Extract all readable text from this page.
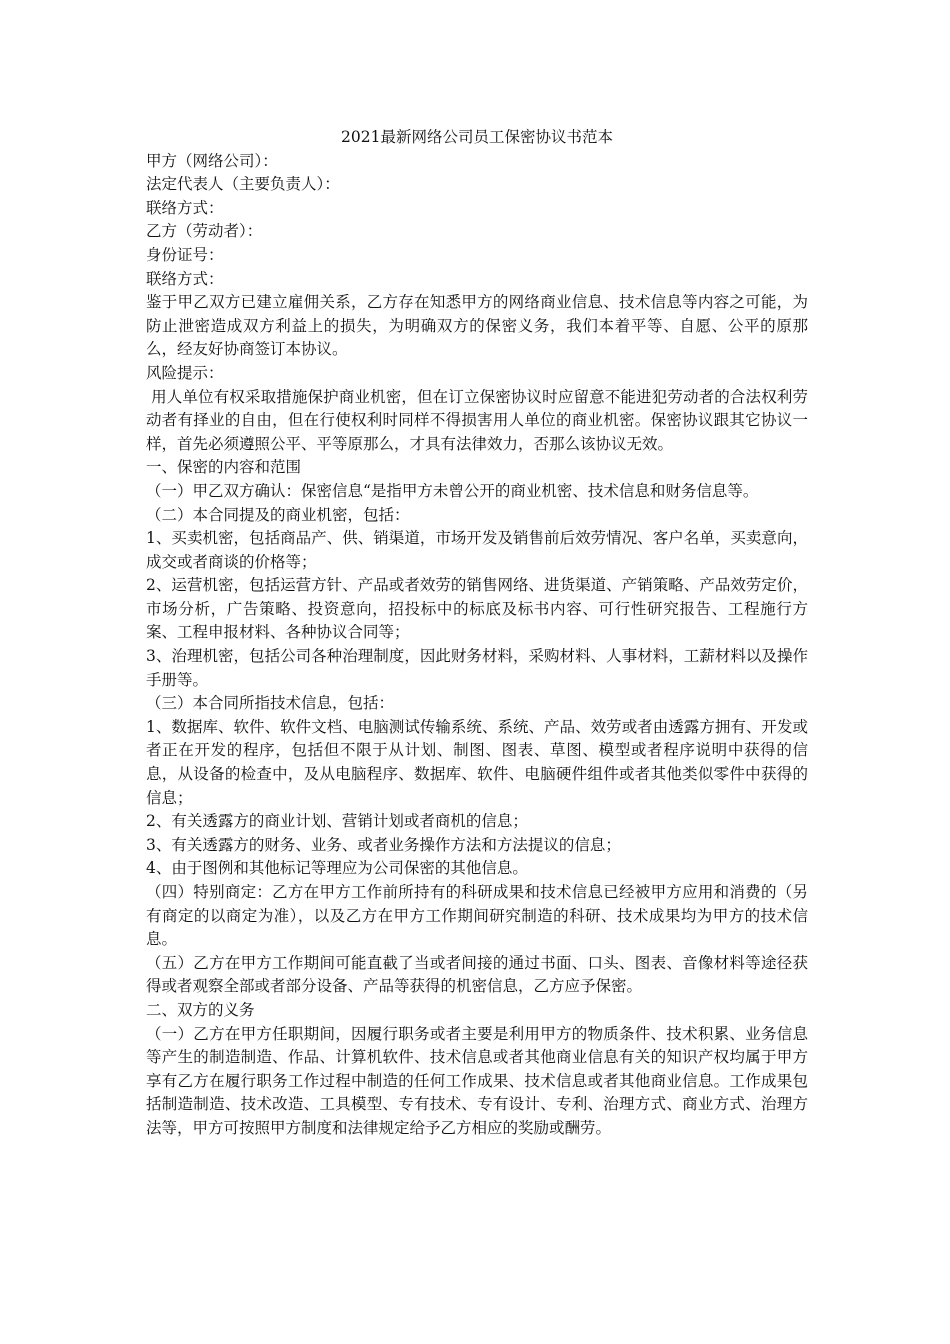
2021最新网络公司员工保密协议书范本

甲方（网络公司）：

法定代表人（主要负责人）：

联络方式：

乙方（劳动者）：

身份证号：

联络方式：

鉴于甲乙双方已建立雇佣关系，乙方存在知悉甲方的网络商业信息、技术信息等内容之可能，为防止泄密造成双方利益上的损失，为明确双方的保密义务，我们本着平等、自愿、公平的原那么，经友好协商签订本协议。

风险提示：

用人单位有权采取措施保护商业机密，但在订立保密协议时应留意不能进犯劳动者的合法权利劳动者有择业的自由，但在行使权利时同样不得损害用人单位的商业机密。保密协议跟其它协议一样，首先必须遵照公平、平等原那么，才具有法律效力，否那么该协议无效。

一、保密的内容和范围

（一）甲乙双方确认：保密信息“是指甲方未曾公开的商业机密、技术信息和财务信息等。

（二）本合同提及的商业机密，包括：

1、买卖机密，包括商品产、供、销渠道，市场开发及销售前后效劳情况、客户名单，买卖意向，成交或者商谈的价格等；

2、运营机密，包括运营方针、产品或者效劳的销售网络、进货渠道、产销策略、产品效劳定价，市场分析，广告策略、投资意向，招投标中的标底及标书内容、可行性研究报告、工程施行方案、工程申报材料、各种协议合同等；

3、治理机密，包括公司各种治理制度，因此财务材料，采购材料、人事材料，工薪材料以及操作手册等。

（三）本合同所指技术信息，包括：

1、数据库、软件、软件文档、电脑测试传输系统、系统、产品、效劳或者由透露方拥有、开发或者正在开发的程序，包括但不限于从计划、制图、图表、草图、模型或者程序说明中获得的信息，从设备的检查中，及从电脑程序、数据库、软件、电脑硬件组件或者其他类似零件中获得的信息；

2、有关透露方的商业计划、营销计划或者商机的信息；

3、有关透露方的财务、业务、或者业务操作方法和方法提议的信息；

4、由于图例和其他标记等理应为公司保密的其他信息。

（四）特别商定：乙方在甲方工作前所持有的科研成果和技术信息已经被甲方应用和消费的（另有商定的以商定为准），以及乙方在甲方工作期间研究制造的科研、技术成果均为甲方的技术信息。

（五）乙方在甲方工作期间可能直截了当或者间接的通过书面、口头、图表、音像材料等途径获得或者观察全部或者部分设备、产品等获得的机密信息，乙方应予保密。

二、双方的义务

（一）乙方在甲方任职期间，因履行职务或者主要是利用甲方的物质条件、技术积累、业务信息等产生的制造制造、作品、计算机软件、技术信息或者其他商业信息有关的知识产权均属于甲方享有乙方在履行职务工作过程中制造的任何工作成果、技术信息或者其他商业信息。工作成果包括制造制造、技术改造、工具模型、专有技术、专有设计、专利、治理方式、商业方式、治理方法等，甲方可按照甲方制度和法律规定给予乙方相应的奖励或酬劳。
